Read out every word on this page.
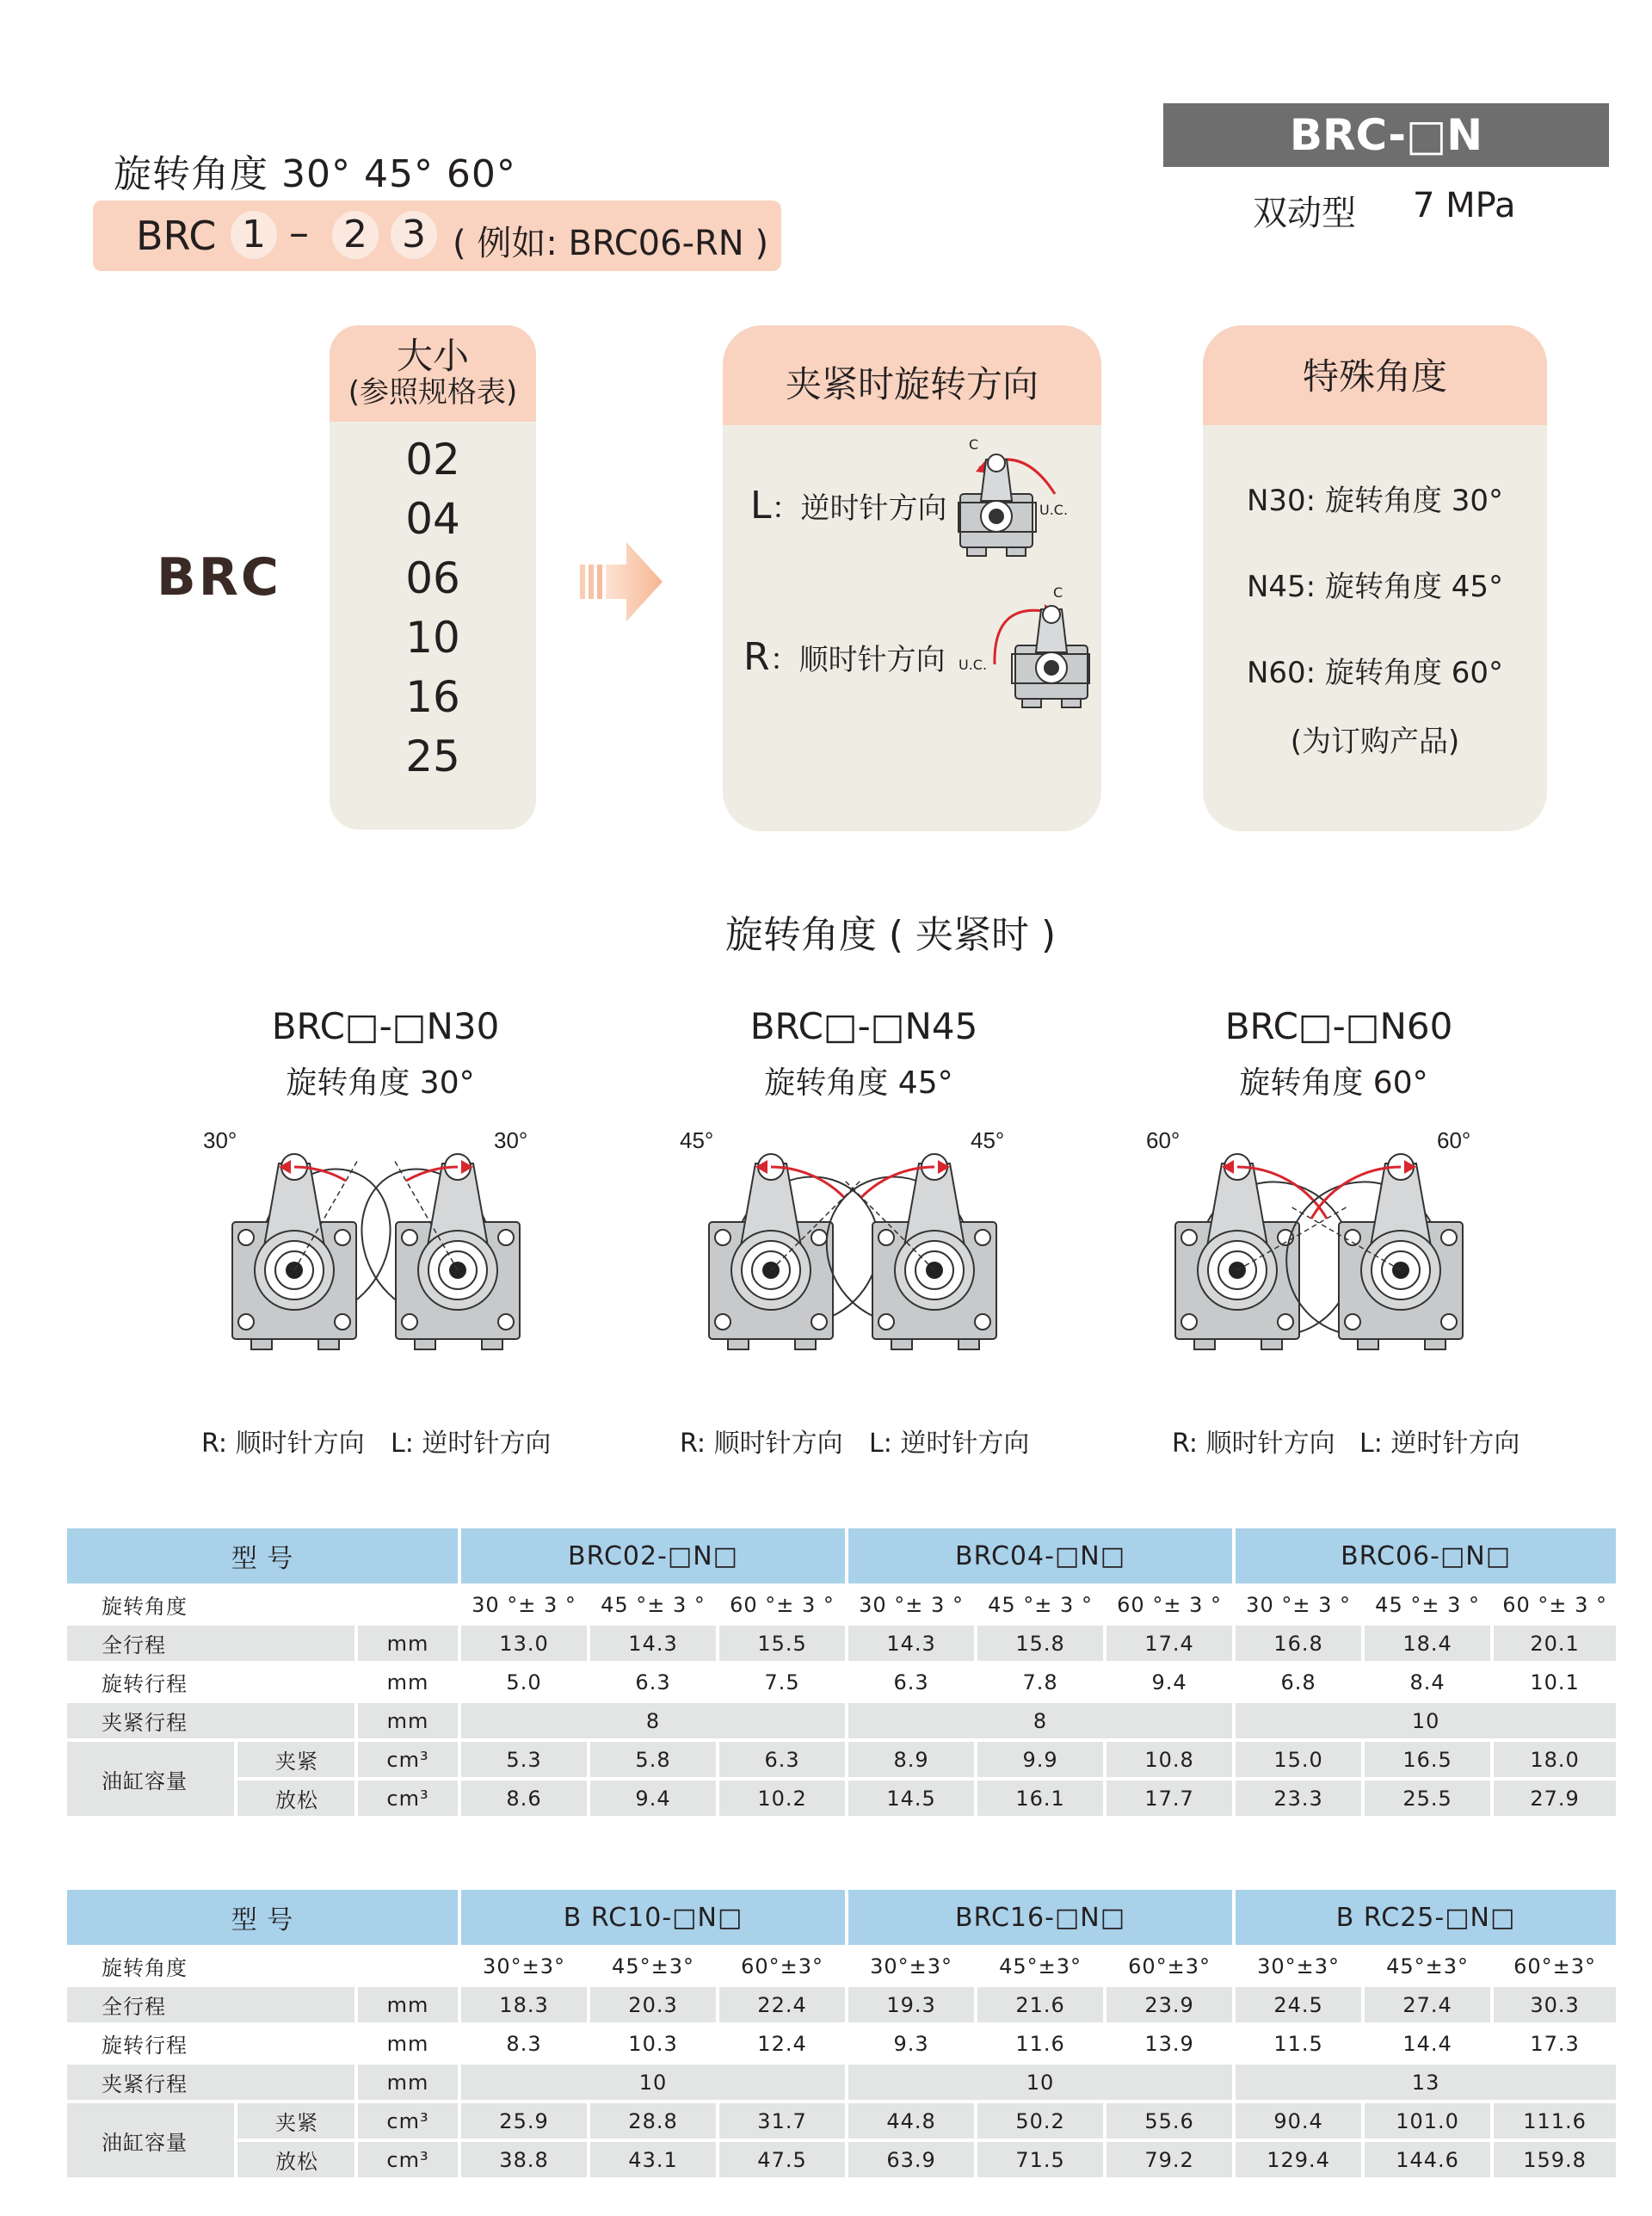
旋转角度 30° 45° 60°
BRC 1 – 2 3 ( 例如: BRC06-RN )
BRC-□N
双动型 7 MPa
BRC
大小
(参照规格表)
02
04
06
10
16
25
夹紧时旋转方向
L：逆时针方向
R：顺时针方向
C
U.C.
C
U.C.
特殊角度
N30: 旋转角度 30°
N45: 旋转角度 45°
N60: 旋转角度 60°
(为订购产品)
旋转角度 ( 夹紧时 )
BRC□-□N30
旋转角度 30°
BRC□-□N45
旋转角度 45°
BRC□-□N60
旋转角度 60°
30°	30°	45°	45°	60°	60°
R: 顺时针方向 L: 逆时针方向	R: 顺时针方向 L: 逆时针方向	R: 顺时针方向 L: 逆时针方向
型 号			BRC02-□N□			BRC04-□N□			BRC06-□N□		
旋转角度			30 °± 3 °	45 °± 3 °	60 °± 3 °	30 °± 3 °	45 °± 3 °	60 °± 3 °	30 °± 3 °	45 °± 3 °	60 °± 3 °
全行程		mm	13.0	14.3	15.5	14.3	15.8	17.4	16.8	18.4	20.1
旋转行程		mm	5.0	6.3	7.5	6.3	7.8	9.4	6.8	8.4	10.1
夹紧行程		mm	8			8			10		
油缸容量	夹紧	cm³	5.3	5.8	6.3	8.9	9.9	10.8	15.0	16.5	18.0
	放松	cm³	8.6	9.4	10.2	14.5	16.1	17.7	23.3	25.5	27.9
型 号			B RC10-□N□			BRC16-□N□			B RC25-□N□		
旋转角度			30°±3°	45°±3°	60°±3°	30°±3°	45°±3°	60°±3°	30°±3°	45°±3°	60°±3°
全行程		mm	18.3	20.3	22.4	19.3	21.6	23.9	24.5	27.4	30.3
旋转行程		mm	8.3	10.3	12.4	9.3	11.6	13.9	11.5	14.4	17.3
夹紧行程		mm	10			10			13		
油缸容量	夹紧	cm³	25.9	28.8	31.7	44.8	50.2	55.6	90.4	101.0	111.6
	放松	cm³	38.8	43.1	47.5	63.9	71.5	79.2	129.4	144.6	159.8
